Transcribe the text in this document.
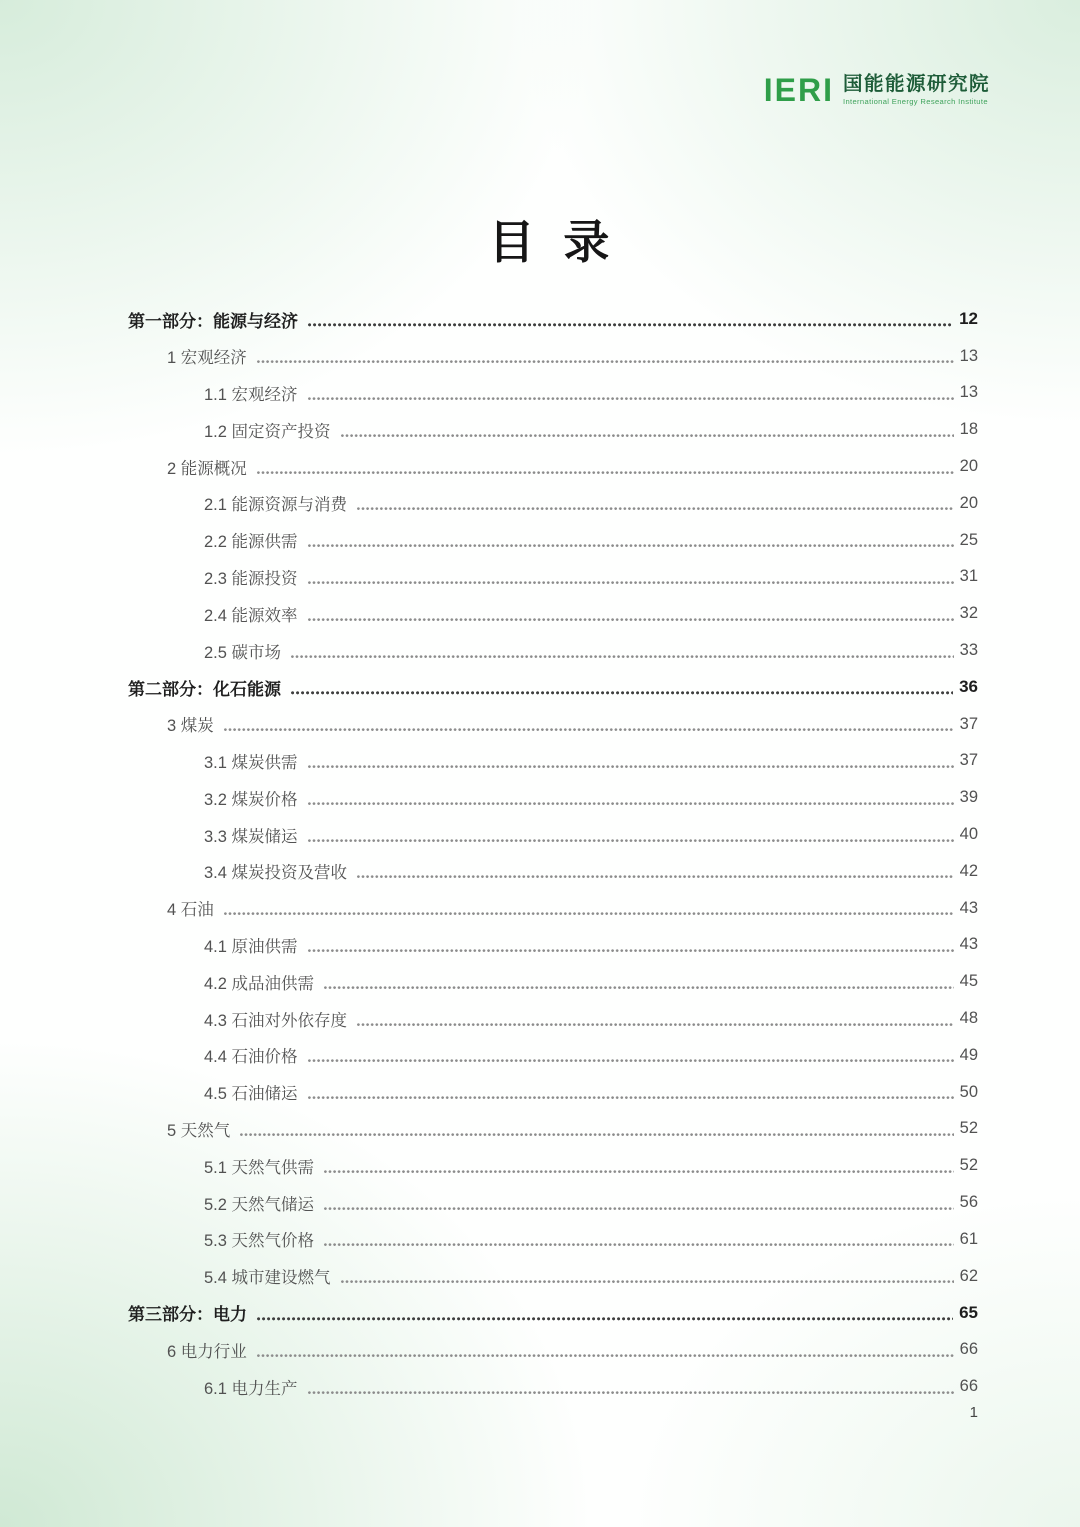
IERI 国能能源研究院
International Energy Research Institute
目 录
第一部分：能源与经济	12
1 宏观经济	13
1.1 宏观经济	13
1.2 固定资产投资	18
2 能源概况	20
2.1 能源资源与消费	20
2.2 能源供需	25
2.3 能源投资	31
2.4 能源效率	32
2.5 碳市场	33
第二部分：化石能源	36
3 煤炭	37
3.1 煤炭供需	37
3.2 煤炭价格	39
3.3 煤炭储运	40
3.4 煤炭投资及营收	42
4 石油	43
4.1 原油供需	43
4.2 成品油供需	45
4.3 石油对外依存度	48
4.4 石油价格	49
4.5 石油储运	50
5 天然气	52
5.1 天然气供需	52
5.2 天然气储运	56
5.3 天然气价格	61
5.4 城市建设燃气	62
第三部分：电力	65
6 电力行业	66
6.1 电力生产	66
1
